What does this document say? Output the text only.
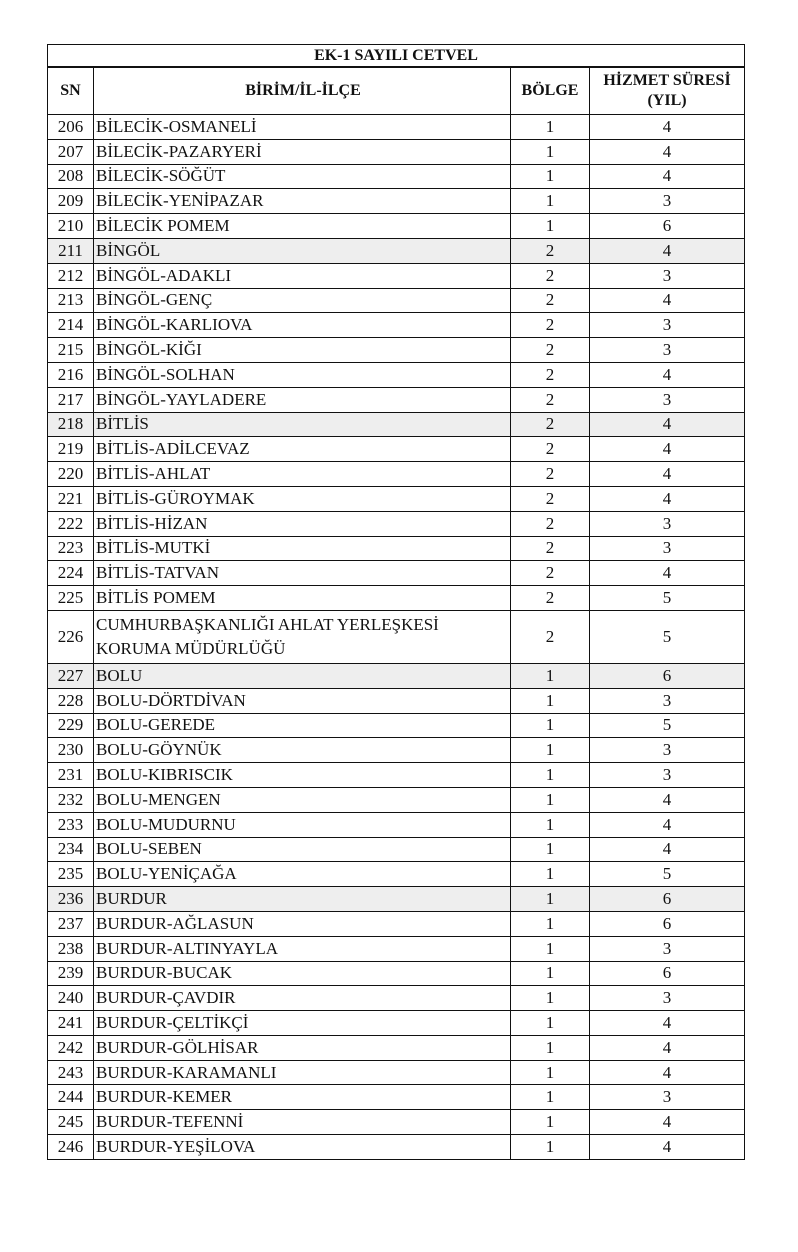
EK-1 SAYILI CETVEL			
SN	BİRİM/İL-İLÇE	BÖLGE	HİZMET SÜRESİ
(YIL)
206	BİLECİK-OSMANELİ	1	4
207	BİLECİK-PAZARYERİ	1	4
208	BİLECİK-SÖĞÜT	1	4
209	BİLECİK-YENİPAZAR	1	3
210	BİLECİK POMEM	1	6
211	BİNGÖL	2	4
212	BİNGÖL-ADAKLI	2	3
213	BİNGÖL-GENÇ	2	4
214	BİNGÖL-KARLIOVA	2	3
215	BİNGÖL-KİĞI	2	3
216	BİNGÖL-SOLHAN	2	4
217	BİNGÖL-YAYLADERE	2	3
218	BİTLİS	2	4
219	BİTLİS-ADİLCEVAZ	2	4
220	BİTLİS-AHLAT	2	4
221	BİTLİS-GÜROYMAK	2	4
222	BİTLİS-HİZAN	2	3
223	BİTLİS-MUTKİ	2	3
224	BİTLİS-TATVAN	2	4
225	BİTLİS POMEM	2	5
226	CUMHURBAŞKANLIĞI AHLAT YERLEŞKESİ KORUMA MÜDÜRLÜĞÜ	2	5
227	BOLU	1	6
228	BOLU-DÖRTDİVAN	1	3
229	BOLU-GEREDE	1	5
230	BOLU-GÖYNÜK	1	3
231	BOLU-KIBRISCIK	1	3
232	BOLU-MENGEN	1	4
233	BOLU-MUDURNU	1	4
234	BOLU-SEBEN	1	4
235	BOLU-YENİÇAĞA	1	5
236	BURDUR	1	6
237	BURDUR-AĞLASUN	1	6
238	BURDUR-ALTINYAYLA	1	3
239	BURDUR-BUCAK	1	6
240	BURDUR-ÇAVDIR	1	3
241	BURDUR-ÇELTİKÇİ	1	4
242	BURDUR-GÖLHİSAR	1	4
243	BURDUR-KARAMANLI	1	4
244	BURDUR-KEMER	1	3
245	BURDUR-TEFENNİ	1	4
246	BURDUR-YEŞİLOVA	1	4
